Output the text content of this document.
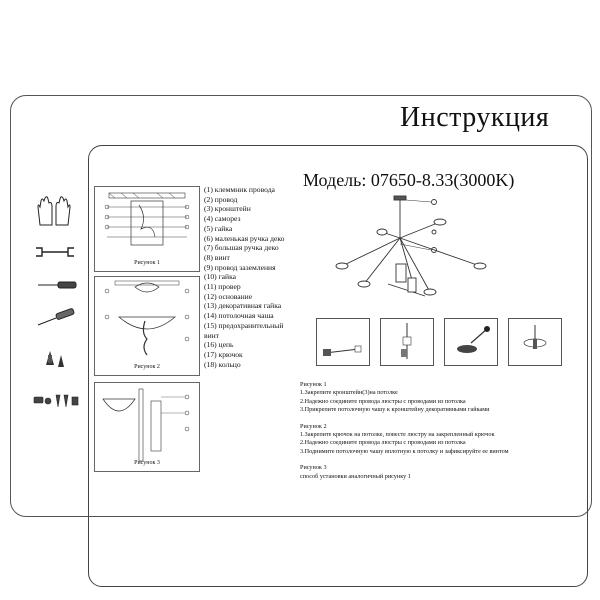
Инструкция
Рисунок 1
Рисунок 2
Рисунок 3
(1) клеммник провода
(2) провод
(3) кронштейн
(4) саморез
(5) гайка
(6) маленькая ручка деко
(7) большая ручка деко
(8) винт
(9) провод заземления
(10) гайка
(11) провер
(12) основание
(13) декоративная гайка
(14) потолочная чаша
(15) предохранительный
винт
(16) цепь
(17) крючок
(18) кольцо
Модель: 07650-8.33(3000K)
Рисунок 1
1.Закрепите кронштейн(3)на потолке
2.Надежно соедините провода люстры с проводами из потолка
3.Прикрепите потолочную чашу к кронштейну декоративными гайками
Рисунок 2
1.Закрепите крючок на потолке, повесте люстру на закрепленный крючок
2.Надежно соедините провода люстры с проводами из потолка
3.Поднимите потолочную чашу вплотную к потолку и зафиксируйте ее винтом
Рисунок 3
способ установки аналогичный рисунку 1
